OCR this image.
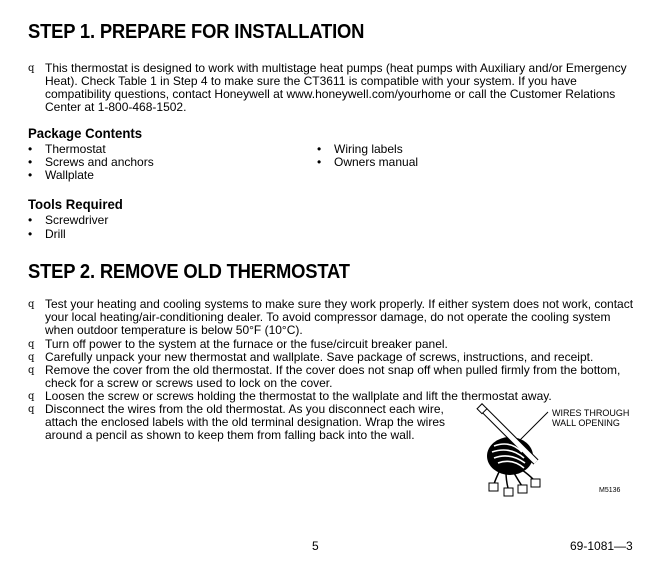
STEP 1. PREPARE FOR INSTALLATION
q This thermostat is designed to work with multistage heat pumps (heat pumps with Auxiliary and/or Emergency Heat). Check Table 1 in Step 4 to make sure the CT3611 is compatible with your system. If you have compatibility questions, contact Honeywell at www.honeywell.com/yourhome or call the Customer Relations Center at 1-800-468-1502.
Package Contents
• Thermostat
• Screws and anchors
• Wallplate
• Wiring labels
• Owners manual
Tools Required
• Screwdriver
• Drill
STEP 2. REMOVE OLD THERMOSTAT
q Test your heating and cooling systems to make sure they work properly. If either system does not work, contact your local heating/air-conditioning dealer. To avoid compressor damage, do not operate the cooling system when outdoor temperature is below 50°F (10°C).
q Turn off power to the system at the furnace or the fuse/circuit breaker panel.
q Carefully unpack your new thermostat and wallplate. Save package of screws, instructions, and receipt.
q Remove the cover from the old thermostat. If the cover does not snap off when pulled firmly from the bottom, check for a screw or screws used to lock on the cover.
q Loosen the screw or screws holding the thermostat to the wallplate and lift the thermostat away.
q Disconnect the wires from the old thermostat. As you disconnect each wire, attach the enclosed labels with the old terminal designation. Wrap the wires around a pencil as shown to keep them from falling back into the wall.
WIRES THROUGH
WALL OPENING
M5136
5	69-1081—3
